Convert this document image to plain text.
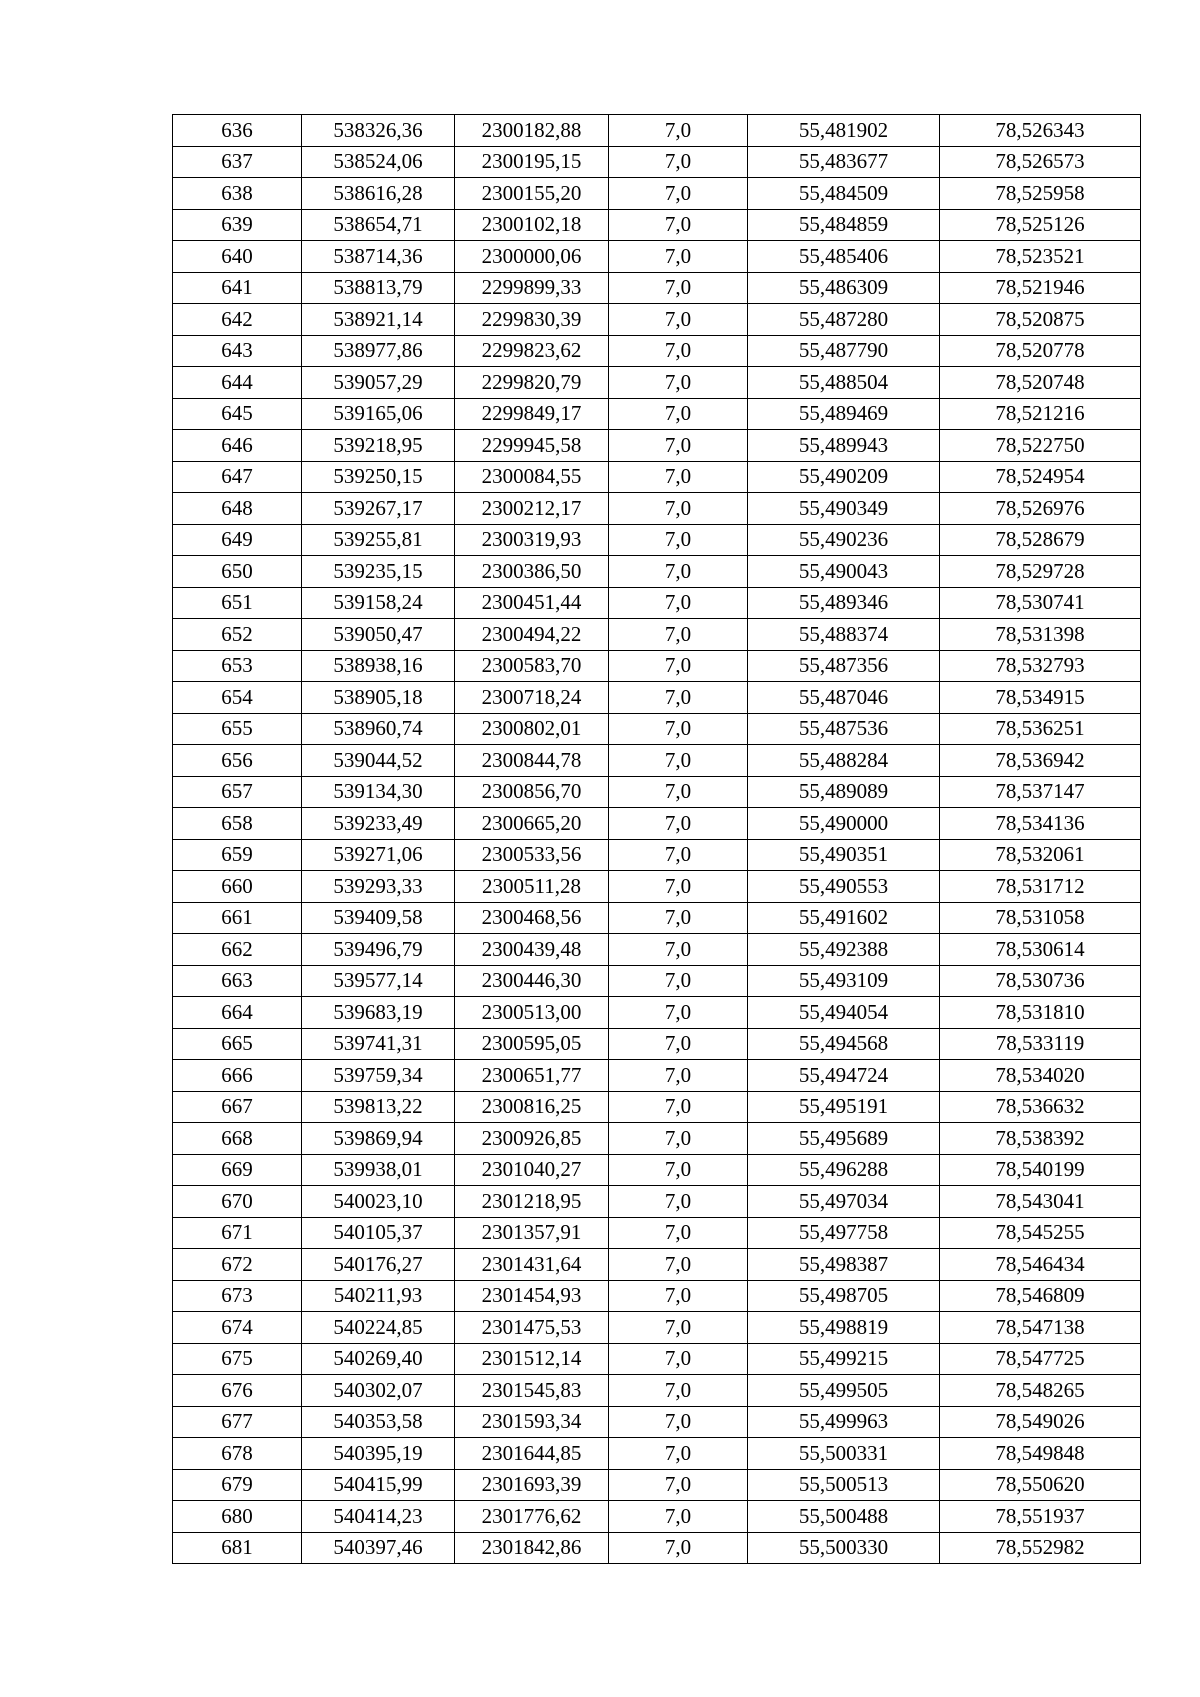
636	538326,36	2300182,88	7,0	55,481902	78,526343
637	538524,06	2300195,15	7,0	55,483677	78,526573
638	538616,28	2300155,20	7,0	55,484509	78,525958
639	538654,71	2300102,18	7,0	55,484859	78,525126
640	538714,36	2300000,06	7,0	55,485406	78,523521
641	538813,79	2299899,33	7,0	55,486309	78,521946
642	538921,14	2299830,39	7,0	55,487280	78,520875
643	538977,86	2299823,62	7,0	55,487790	78,520778
644	539057,29	2299820,79	7,0	55,488504	78,520748
645	539165,06	2299849,17	7,0	55,489469	78,521216
646	539218,95	2299945,58	7,0	55,489943	78,522750
647	539250,15	2300084,55	7,0	55,490209	78,524954
648	539267,17	2300212,17	7,0	55,490349	78,526976
649	539255,81	2300319,93	7,0	55,490236	78,528679
650	539235,15	2300386,50	7,0	55,490043	78,529728
651	539158,24	2300451,44	7,0	55,489346	78,530741
652	539050,47	2300494,22	7,0	55,488374	78,531398
653	538938,16	2300583,70	7,0	55,487356	78,532793
654	538905,18	2300718,24	7,0	55,487046	78,534915
655	538960,74	2300802,01	7,0	55,487536	78,536251
656	539044,52	2300844,78	7,0	55,488284	78,536942
657	539134,30	2300856,70	7,0	55,489089	78,537147
658	539233,49	2300665,20	7,0	55,490000	78,534136
659	539271,06	2300533,56	7,0	55,490351	78,532061
660	539293,33	2300511,28	7,0	55,490553	78,531712
661	539409,58	2300468,56	7,0	55,491602	78,531058
662	539496,79	2300439,48	7,0	55,492388	78,530614
663	539577,14	2300446,30	7,0	55,493109	78,530736
664	539683,19	2300513,00	7,0	55,494054	78,531810
665	539741,31	2300595,05	7,0	55,494568	78,533119
666	539759,34	2300651,77	7,0	55,494724	78,534020
667	539813,22	2300816,25	7,0	55,495191	78,536632
668	539869,94	2300926,85	7,0	55,495689	78,538392
669	539938,01	2301040,27	7,0	55,496288	78,540199
670	540023,10	2301218,95	7,0	55,497034	78,543041
671	540105,37	2301357,91	7,0	55,497758	78,545255
672	540176,27	2301431,64	7,0	55,498387	78,546434
673	540211,93	2301454,93	7,0	55,498705	78,546809
674	540224,85	2301475,53	7,0	55,498819	78,547138
675	540269,40	2301512,14	7,0	55,499215	78,547725
676	540302,07	2301545,83	7,0	55,499505	78,548265
677	540353,58	2301593,34	7,0	55,499963	78,549026
678	540395,19	2301644,85	7,0	55,500331	78,549848
679	540415,99	2301693,39	7,0	55,500513	78,550620
680	540414,23	2301776,62	7,0	55,500488	78,551937
681	540397,46	2301842,86	7,0	55,500330	78,552982
